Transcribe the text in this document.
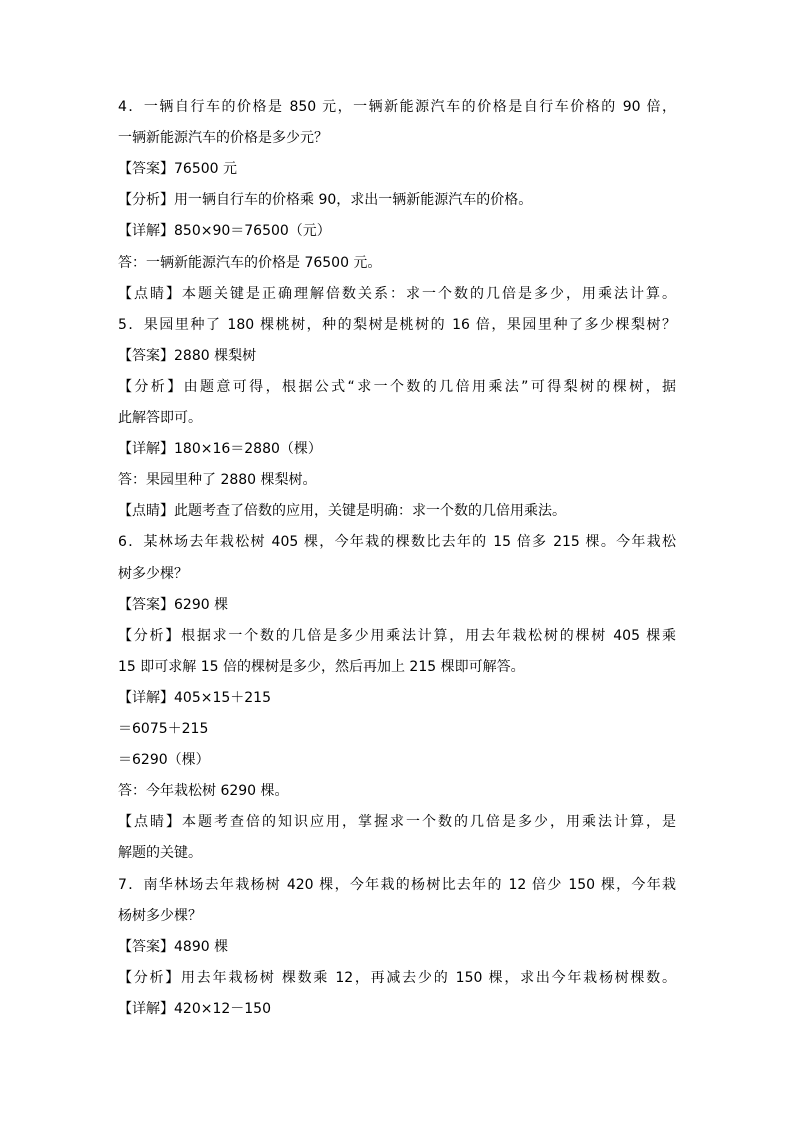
4．一辆自行车的价格是 850 元，一辆新能源汽车的价格是自行车价格的 90 倍，
一辆新能源汽车的价格是多少元？
【答案】76500 元
【分析】用一辆自行车的价格乘 90，求出一辆新能源汽车的价格。
【详解】850×90＝76500（元）
答：一辆新能源汽车的价格是 76500 元。
【点睛】本题关键是正确理解倍数关系：求一个数的几倍是多少，用乘法计算。
5．果园里种了 180 棵桃树，种的梨树是桃树的 16 倍，果园里种了多少棵梨树？
【答案】2880 棵梨树
【分析】由题意可得，根据公式“求一个数的几倍用乘法”可得梨树的棵树，据
此解答即可。
【详解】180×16＝2880（棵）
答：果园里种了 2880 棵梨树。
【点睛】此题考查了倍数的应用，关键是明确：求一个数的几倍用乘法。
6．某林场去年栽松树 405 棵，今年栽的棵数比去年的 15 倍多 215 棵。今年栽松
树多少棵？
【答案】6290 棵
【分析】根据求一个数的几倍是多少用乘法计算，用去年栽松树的棵树 405 棵乘
15 即可求解 15 倍的棵树是多少，然后再加上 215 棵即可解答。
【详解】405×15＋215
＝6075＋215
＝6290（棵）
答：今年栽松树 6290 棵。
【点睛】本题考查倍的知识应用，掌握求一个数的几倍是多少，用乘法计算，是
解题的关键。
7．南华林场去年栽杨树 420 棵，今年栽的杨树比去年的 12 倍少 150 棵，今年栽
杨树多少棵？
【答案】4890 棵
【分析】用去年栽杨树 棵数乘 12，再减去少的 150 棵，求出今年栽杨树棵数。
【详解】420×12－150
